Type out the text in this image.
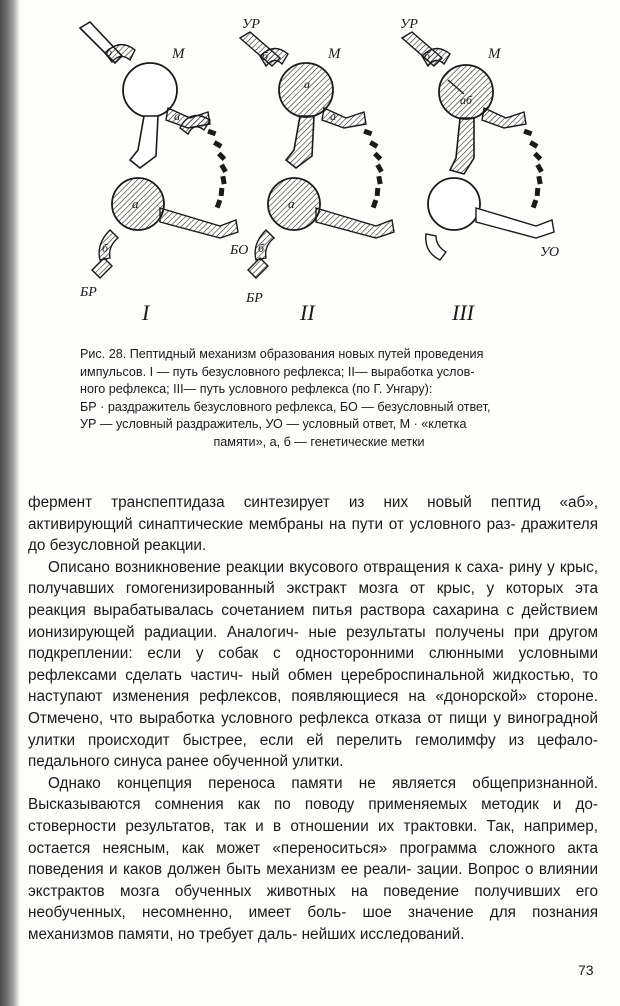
М
б
а
а
б	БО
БР
I
УР
М
б
а
а
а
б
БР
II
УР
М
б
аб
УО
III

Рис. 28. Пептидный механизм образования новых путей проведения

импульсов. I — путь безусловного рефлекса; II— выработка услов-

ного рефлекса; III— путь условного рефлекса (по Г. Унгару):

БР · раздражитель безусловного рефлекса, БО — безусловный ответ,

УР — условный раздражитель, УО — условный ответ, М · «клетка

памяти», а, б — генетические метки

фермент транспептидаза синтезирует из них новый пептид «аб», активирующий синаптические мембраны на пути от условного раз- дражителя до безусловной реакции.

Описано возникновение реакции вкусового отвращения к саха- рину у крыс, получавших гомогенизированный экстракт мозга от крыс, у которых эта реакция вырабатывалась сочетанием питья раствора сахарина с действием ионизирующей радиации. Аналогич- ные результаты получены при другом подкреплении: если у собак с односторонними слюнными условными рефлексами сделать частич- ный обмен цереброспинальной жидкостью, то наступают изменения рефлексов, появляющиеся на «донорской» стороне. Отмечено, что выработка условного рефлекса отказа от пищи у виноградной улитки происходит быстрее, если ей перелить гемолимфу из цефало- педального синуса ранее обученной улитки.

Однако концепция переноса памяти не является общепризнанной. Высказываются сомнения как по поводу применяемых методик и до- стоверности результатов, так и в отношении их трактовки. Так, например, остается неясным, как может «переноситься» программа сложного акта поведения и каков должен быть механизм ее реали- зации. Вопрос о влиянии экстрактов мозга обученных животных на поведение получивших его необученных, несомненно, имеет боль- шое значение для познания механизмов памяти, но требует даль- нейших исследований.

73
